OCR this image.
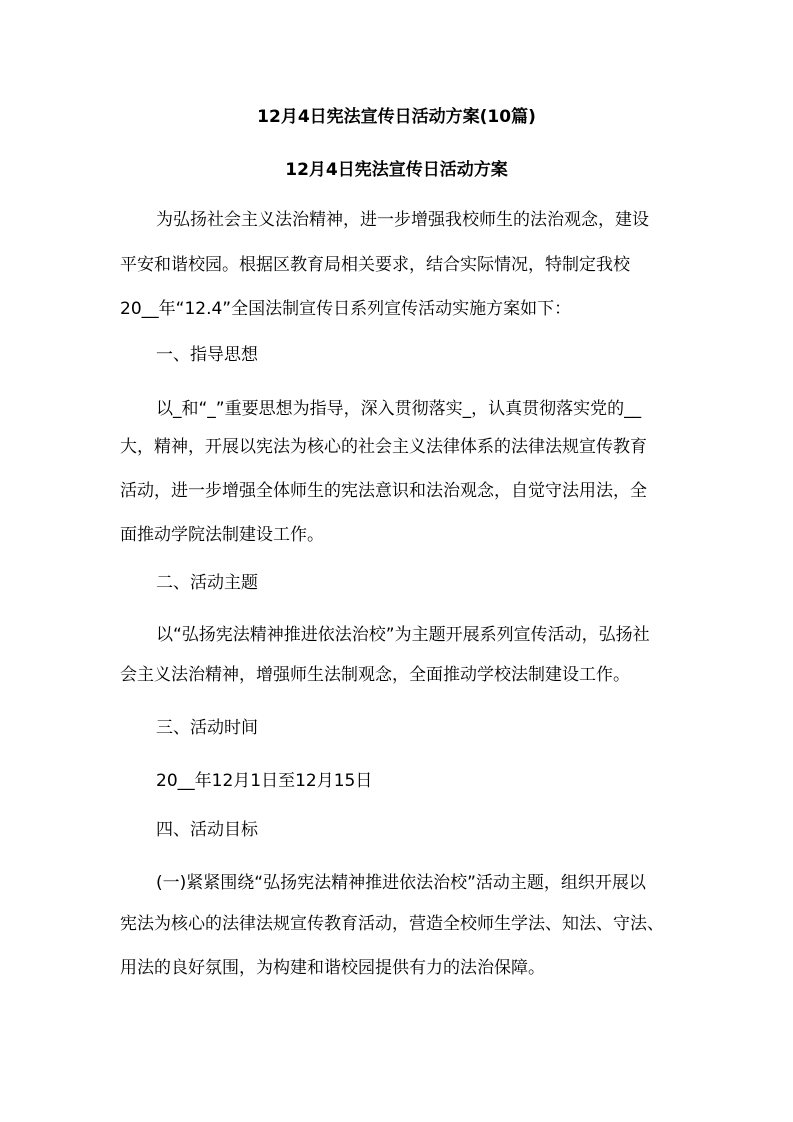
12月4日宪法宣传日活动方案(10篇)
12月4日宪法宣传日活动方案
为弘扬社会主义法治精神，进一步增强我校师生的法治观念，建设
平安和谐校园。根据区教育局相关要求，结合实际情况，特制定我校
20__年“12.4”全国法制宣传日系列宣传活动实施方案如下：
一、指导思想
以_和“_”重要思想为指导，深入贯彻落实_，认真贯彻落实党的__
大，精神，开展以宪法为核心的社会主义法律体系的法律法规宣传教育
活动，进一步增强全体师生的宪法意识和法治观念，自觉守法用法，全
面推动学院法制建设工作。
二、活动主题
以“弘扬宪法精神推进依法治校”为主题开展系列宣传活动，弘扬社
会主义法治精神，增强师生法制观念，全面推动学校法制建设工作。
三、活动时间
20__年12月1日至12月15日
四、活动目标
(一)紧紧围绕“弘扬宪法精神推进依法治校”活动主题，组织开展以
宪法为核心的法律法规宣传教育活动，营造全校师生学法、知法、守法、
用法的良好氛围，为构建和谐校园提供有力的法治保障。
